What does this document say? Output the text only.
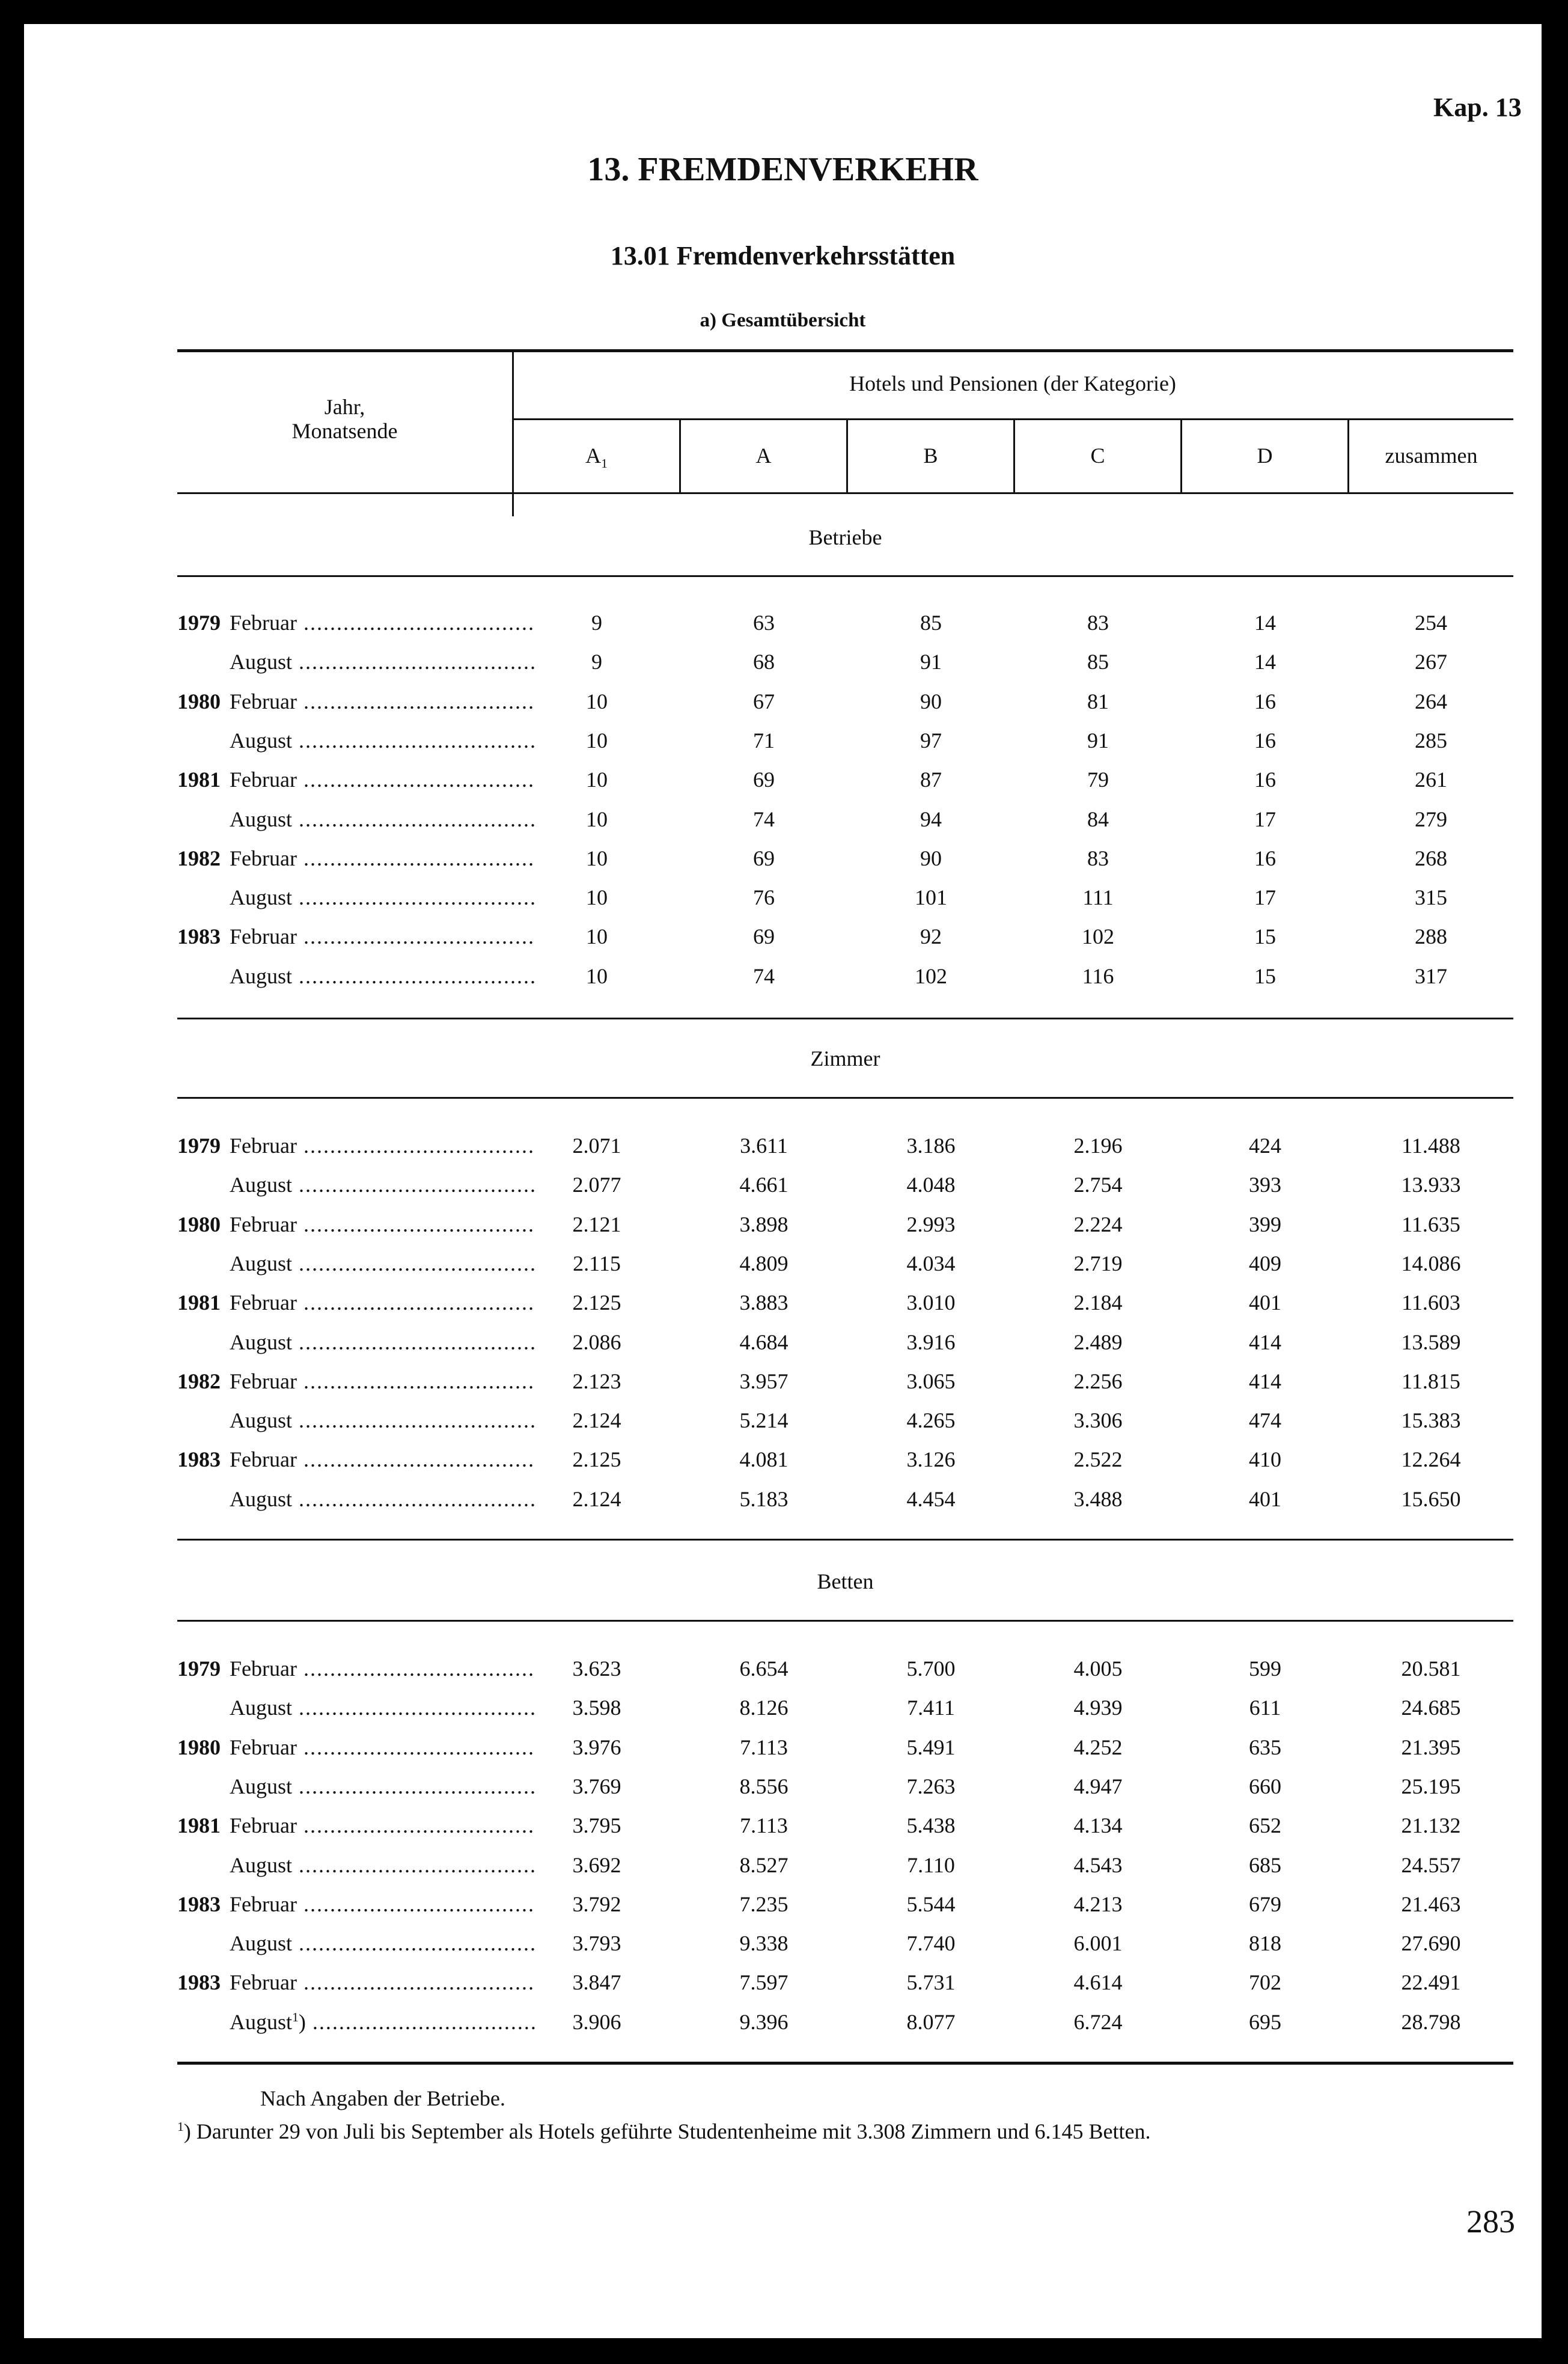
Kap. 13
13. FREMDENVERKEHR
13.01 Fremdenverkehrsstätten
a) Gesamtübersicht
Jahr,
Monatsende
Hotels und Pensionen (der Kategorie)
$A_1$	A	B	C	D	zusammen
Betriebe
1979 Februar .....	9	63	85	83	14	254
August .....	9	68	91	85	14	267
1980 Februar .....	10	67	90	81	16	264
August .....	10	71	97	91	16	285
1981 Februar .....	10	69	87	79	16	261
August .....	10	74	94	84	17	279
1982 Februar .....	10	69	90	83	16	268
August .....	10	76	101	111	17	315
1983 Februar .....	10	69	92	102	15	288
August .....	10	74	102	116	15	317
Zimmer
1979 Februar .....	2.071	3.611	3.186	2.196	424	11.488
August .....	2.077	4.661	4.048	2.754	393	13.933
1980 Februar .....	2.121	3.898	2.993	2.224	399	11.635
August .....	2.115	4.809	4.034	2.719	409	14.086
1981 Februar .....	2.125	3.883	3.010	2.184	401	11.603
August .....	2.086	4.684	3.916	2.489	414	13.589
1982 Februar .....	2.123	3.957	3.065	2.256	414	11.815
August .....	2.124	5.214	4.265	3.306	474	15.383
1983 Februar .....	2.125	4.081	3.126	2.522	410	12.264
August .....	2.124	5.183	4.454	3.488	401	15.650
Betten
1979 Februar .....	3.623	6.654	5.700	4.005	599	20.581
August .....	3.598	8.126	7.411	4.939	611	24.685
1980 Februar .....	3.976	7.113	5.491	4.252	635	21.395
August .....	3.769	8.556	7.263	4.947	660	25.195
1981 Februar .....	3.795	7.113	5.438	4.134	652	21.132
August .....	3.692	8.527	7.110	4.543	685	24.557
1983 Februar .....	3.792	7.235	5.544	4.213	679	21.463
August .....	3.793	9.338	7.740	6.001	818	27.690
1983 Februar .....	3.847	7.597	5.731	4.614	702	22.491
August$^1$) .....	3.906	9.396	8.077	6.724	695	28.798
Nach Angaben der Betriebe.
$^1$) Darunter 29 von Juli bis September als Hotels geführte Studentenheime mit 3.308 Zimmern und 6.145 Betten.
283
